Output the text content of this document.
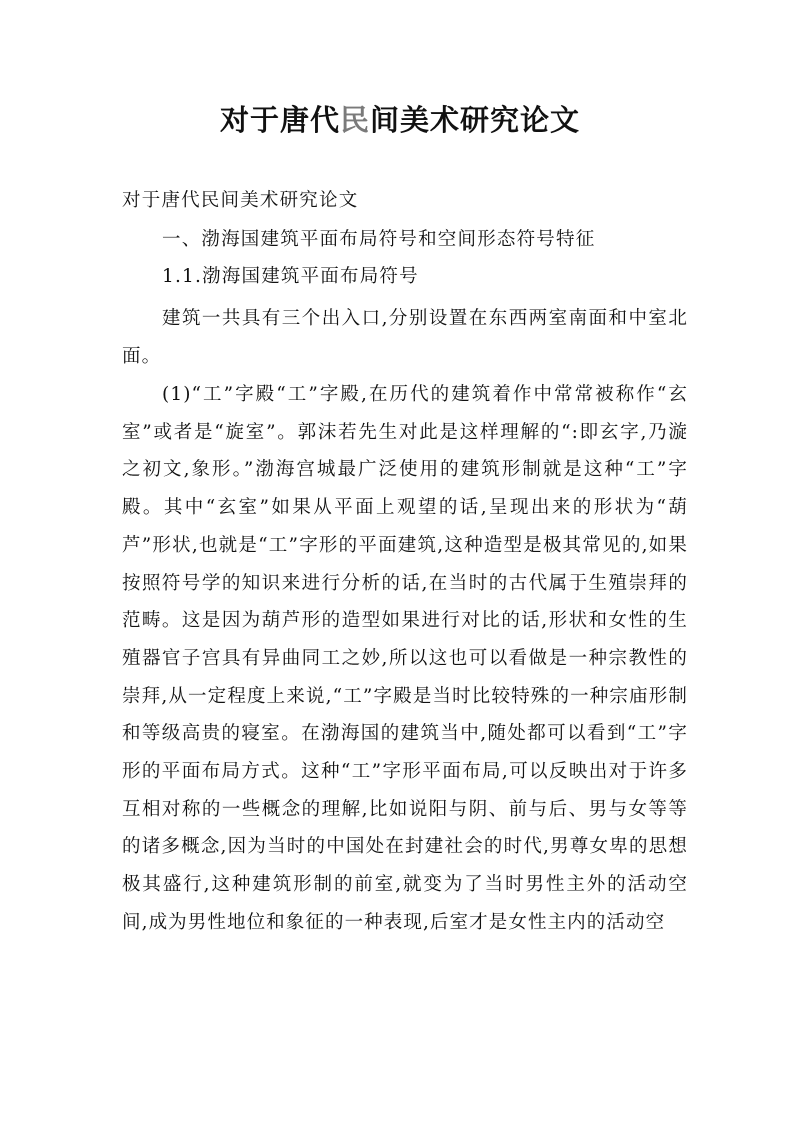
对于唐代民间美术研究论文
对于唐代民间美术研究论文
一、渤海国建筑平面布局符号和空间形态符号特征
1.1.渤海国建筑平面布局符号

建筑一共具有三个出入口,分别设置在东西两室南面和中室北面。

(1)“工”字殿“工”字殿,在历代的建筑着作中常常被称作“玄室”或者是“旋室”。郭沫若先生对此是这样理解的“:即玄字,乃漩之初文,象形。”渤海宫城最广泛使用的建筑形制就是这种“工”字殿。其中“玄室”如果从平面上观望的话,呈现出来的形状为“葫芦”形状,也就是“工”字形的平面建筑,这种造型是极其常见的,如果按照符号学的知识来进行分析的话,在当时的古代属于生殖崇拜的范畴。这是因为葫芦形的造型如果进行对比的话,形状和女性的生殖器官子宫具有异曲同工之妙,所以这也可以看做是一种宗教性的崇拜,从一定程度上来说,“工”字殿是当时比较特殊的一种宗庙形制和等级高贵的寝室。在渤海国的建筑当中,随处都可以看到“工”字形的平面布局方式。这种“工”字形平面布局,可以反映出对于许多互相对称的一些概念的理解,比如说阳与阴、前与后、男与女等等的诸多概念,因为当时的中国处在封建社会的时代,男尊女卑的思想极其盛行,这种建筑形制的前室,就变为了当时男性主外的活动空间,成为男性地位和象征的一种表现,后室才是女性主内的活动空
